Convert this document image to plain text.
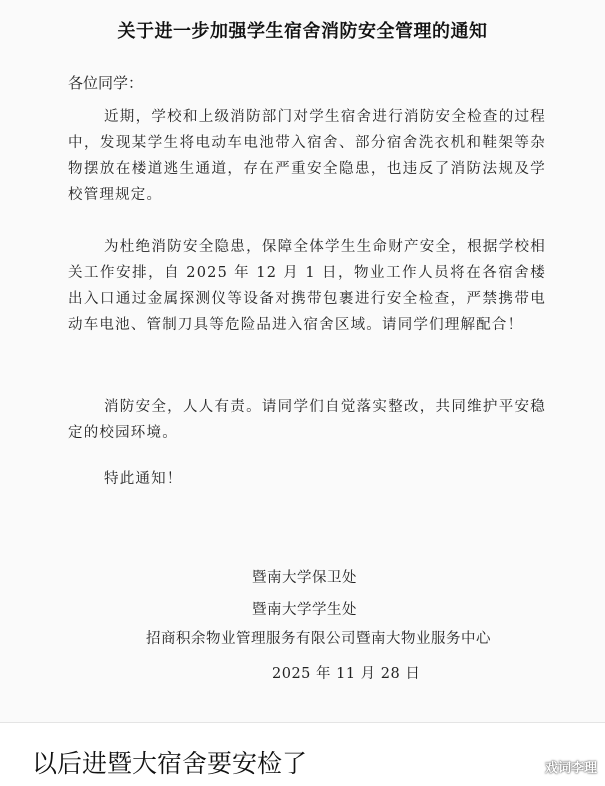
关于进一步加强学生宿舍消防安全管理的通知
各位同学：
近期，学校和上级消防部门对学生宿舍进行消防安全检查的过程中，发现某学生将电动车电池带入宿舍、部分宿舍洗衣机和鞋架等杂物摆放在楼道逃生通道，存在严重安全隐患，也违反了消防法规及学校管理规定。
为杜绝消防安全隐患，保障全体学生生命财产安全，根据学校相关工作安排，自 2025 年 12 月 1 日，物业工作人员将在各宿舍楼出入口通过金属探测仪等设备对携带包裹进行安全检查，严禁携带电动车电池、管制刀具等危险品进入宿舍区域。请同学们理解配合！
消防安全，人人有责。请同学们自觉落实整改，共同维护平安稳定的校园环境。
特此通知！
暨南大学保卫处
暨南大学学生处
招商积余物业管理服务有限公司暨南大物业服务中心
2025 年 11 月 28 日
以后进暨大宿舍要安检了	戏词李理
